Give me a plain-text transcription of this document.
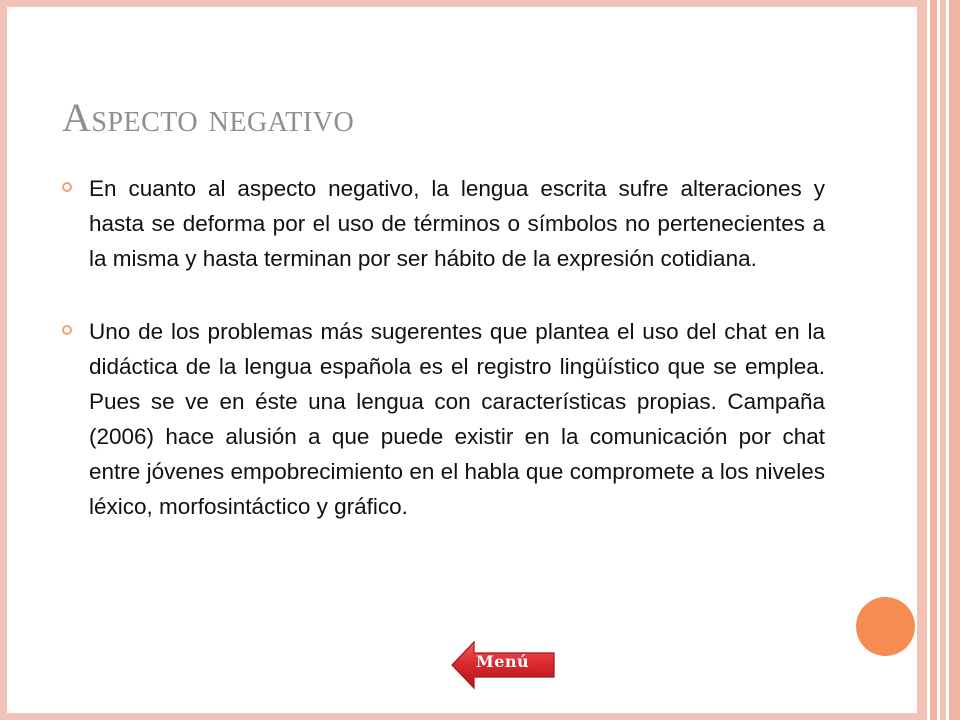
Aspecto negativo

En cuanto al aspecto negativo, la lengua escrita sufre alteraciones y hasta se deforma por el uso de términos o símbolos no pertenecientes a la misma y hasta terminan por ser hábito de la expresión cotidiana.

Uno de los problemas más sugerentes que plantea el uso del chat en la didáctica de la lengua española es el registro lingüístico que se emplea. Pues se ve en éste una lengua con características propias. Campaña (2006) hace alusión a que puede existir en la comunicación por chat entre jóvenes empobrecimiento en el habla que compromete a los niveles léxico, morfosintáctico y gráfico.

Menú
